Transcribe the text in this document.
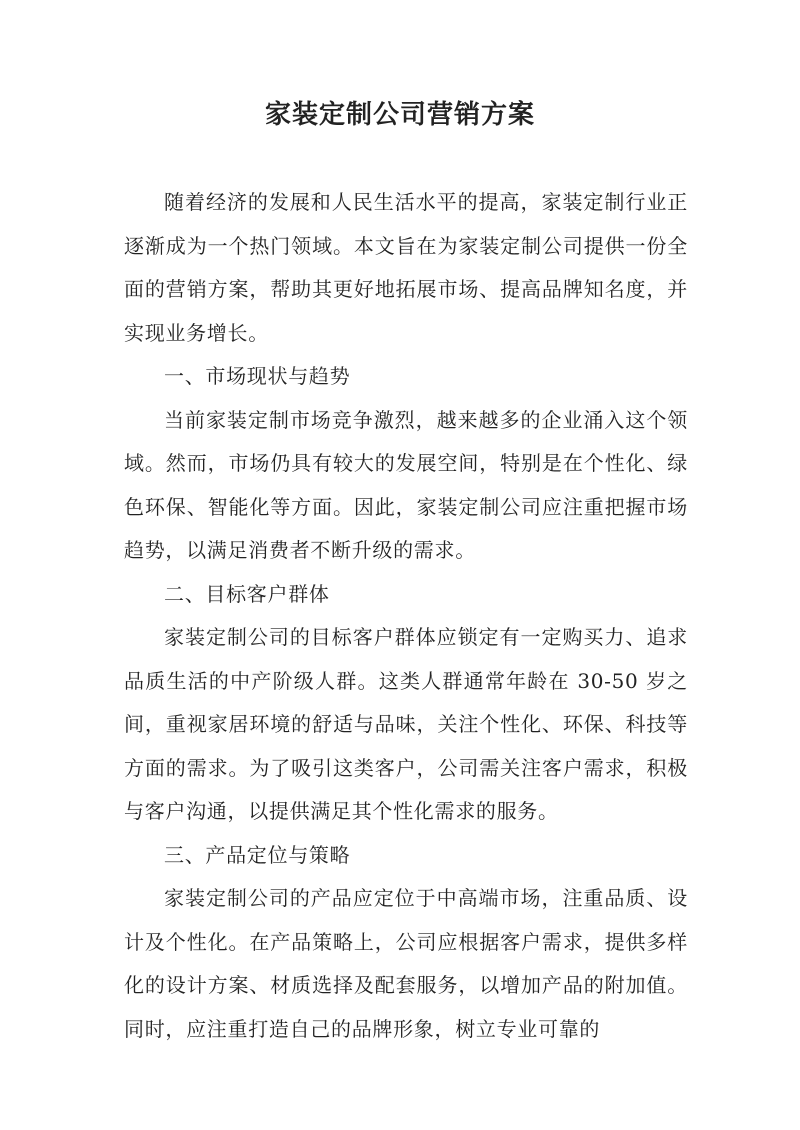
家装定制公司营销方案

随着经济的发展和人民生活水平的提高，家装定制行业正逐渐成为一个热门领域。本文旨在为家装定制公司提供一份全面的营销方案，帮助其更好地拓展市场、提高品牌知名度，并实现业务增长。

一、市场现状与趋势

当前家装定制市场竞争激烈，越来越多的企业涌入这个领域。然而，市场仍具有较大的发展空间，特别是在个性化、绿色环保、智能化等方面。因此，家装定制公司应注重把握市场趋势，以满足消费者不断升级的需求。

二、目标客户群体

家装定制公司的目标客户群体应锁定有一定购买力、追求品质生活的中产阶级人群。这类人群通常年龄在 30-50 岁之间，重视家居环境的舒适与品味，关注个性化、环保、科技等方面的需求。为了吸引这类客户，公司需关注客户需求，积极与客户沟通，以提供满足其个性化需求的服务。

三、产品定位与策略

家装定制公司的产品应定位于中高端市场，注重品质、设计及个性化。在产品策略上，公司应根据客户需求，提供多样化的设计方案、材质选择及配套服务，以增加产品的附加值。同时，应注重打造自己的品牌形象，树立专业可靠的
